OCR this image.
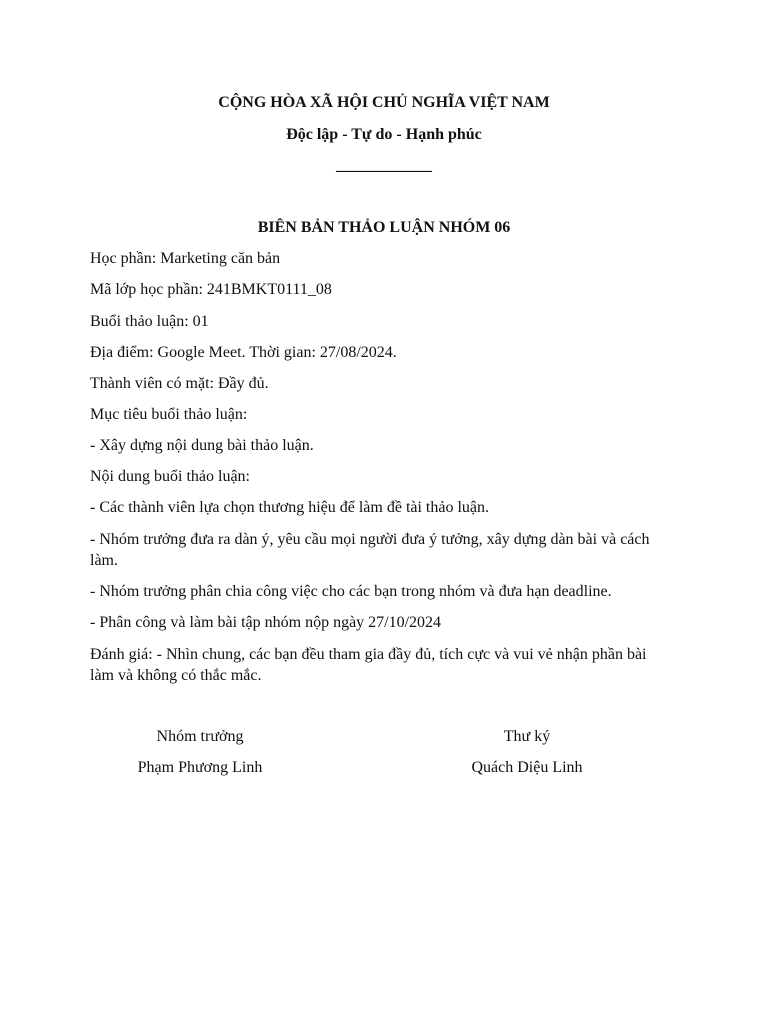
CỘNG HÒA XÃ HỘI CHỦ NGHĨA VIỆT NAM
Độc lập - Tự do - Hạnh phúc
____________
BIÊN BẢN THẢO LUẬN NHÓM 06
Học phần: Marketing căn bản
Mã lớp học phần: 241BMKT0111_08
Buổi thảo luận: 01
Địa điểm: Google Meet. Thời gian: 27/08/2024.
Thành viên có mặt: Đầy đủ.
Mục tiêu buổi thảo luận:
- Xây dựng nội dung bài thảo luận.
Nội dung buổi thảo luận:
- Các thành viên lựa chọn thương hiệu để làm đề tài thảo luận.
- Nhóm trưởng đưa ra dàn ý, yêu cầu mọi người đưa ý tưởng, xây dựng dàn bài và cách làm.
- Nhóm trưởng phân chia công việc cho các bạn trong nhóm và đưa hạn deadline.
- Phân công và làm bài tập nhóm nộp ngày 27/10/2024
Đánh giá: - Nhìn chung, các bạn đều tham gia đầy đủ, tích cực và vui vẻ nhận phần bài làm và không có thắc mắc.
Nhóm trưởng	Thư ký
Phạm Phương Linh	Quách Diệu Linh
